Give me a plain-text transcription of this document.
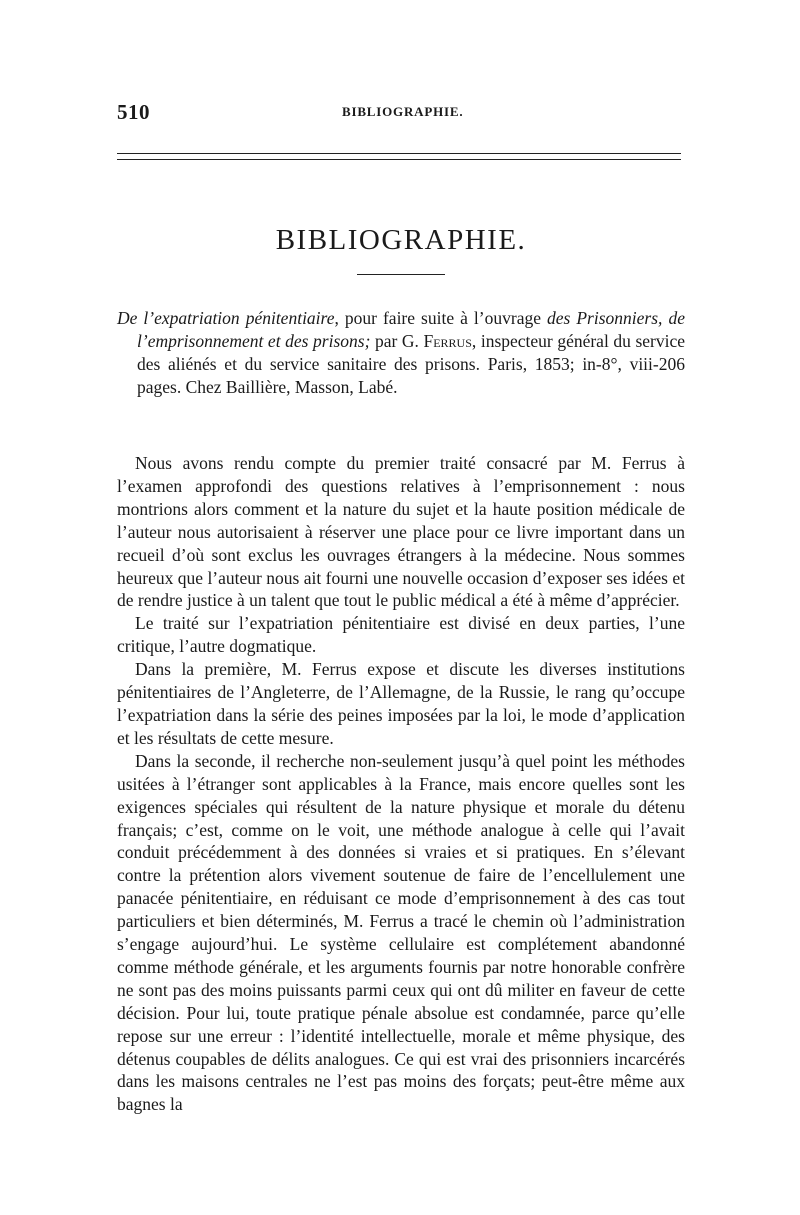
510	BIBLIOGRAPHIE.
BIBLIOGRAPHIE.
De l’expatriation pénitentiaire, pour faire suite à l’ouvrage des Prisonniers, de l’emprisonnement et des prisons; par G. Ferrus, inspecteur général du service des aliénés et du service sanitaire des prisons. Paris, 1853; in-8°, viii-206 pages. Chez Baillière, Masson, Labé.

Nous avons rendu compte du premier traité consacré par M. Ferrus à l’examen approfondi des questions relatives à l’emprisonnement : nous montrions alors comment et la nature du sujet et la haute position médicale de l’auteur nous autorisaient à réserver une place pour ce livre important dans un recueil d’où sont exclus les ouvrages étrangers à la médecine. Nous sommes heureux que l’auteur nous ait fourni une nouvelle occasion d’exposer ses idées et de rendre justice à un talent que tout le public médical a été à même d’apprécier.

Le traité sur l’expatriation pénitentiaire est divisé en deux parties, l’une critique, l’autre dogmatique.

Dans la première, M. Ferrus expose et discute les diverses institutions pénitentiaires de l’Angleterre, de l’Allemagne, de la Russie, le rang qu’occupe l’expatriation dans la série des peines imposées par la loi, le mode d’application et les résultats de cette mesure.

Dans la seconde, il recherche non-seulement jusqu’à quel point les méthodes usitées à l’étranger sont applicables à la France, mais encore quelles sont les exigences spéciales qui résultent de la nature physique et morale du détenu français; c’est, comme on le voit, une méthode analogue à celle qui l’avait conduit précédemment à des données si vraies et si pratiques. En s’élevant contre la prétention alors vivement soutenue de faire de l’encellulement une panacée pénitentiaire, en réduisant ce mode d’emprisonnement à des cas tout particuliers et bien déterminés, M. Ferrus a tracé le chemin où l’administration s’engage aujourd’hui. Le système cellulaire est complétement abandonné comme méthode générale, et les arguments fournis par notre honorable confrère ne sont pas des moins puissants parmi ceux qui ont dû militer en faveur de cette décision. Pour lui, toute pratique pénale absolue est condamnée, parce qu’elle repose sur une erreur : l’identité intellectuelle, morale et même physique, des détenus coupables de délits analogues. Ce qui est vrai des prisonniers incarcérés dans les maisons centrales ne l’est pas moins des forçats; peut-être même aux bagnes la
